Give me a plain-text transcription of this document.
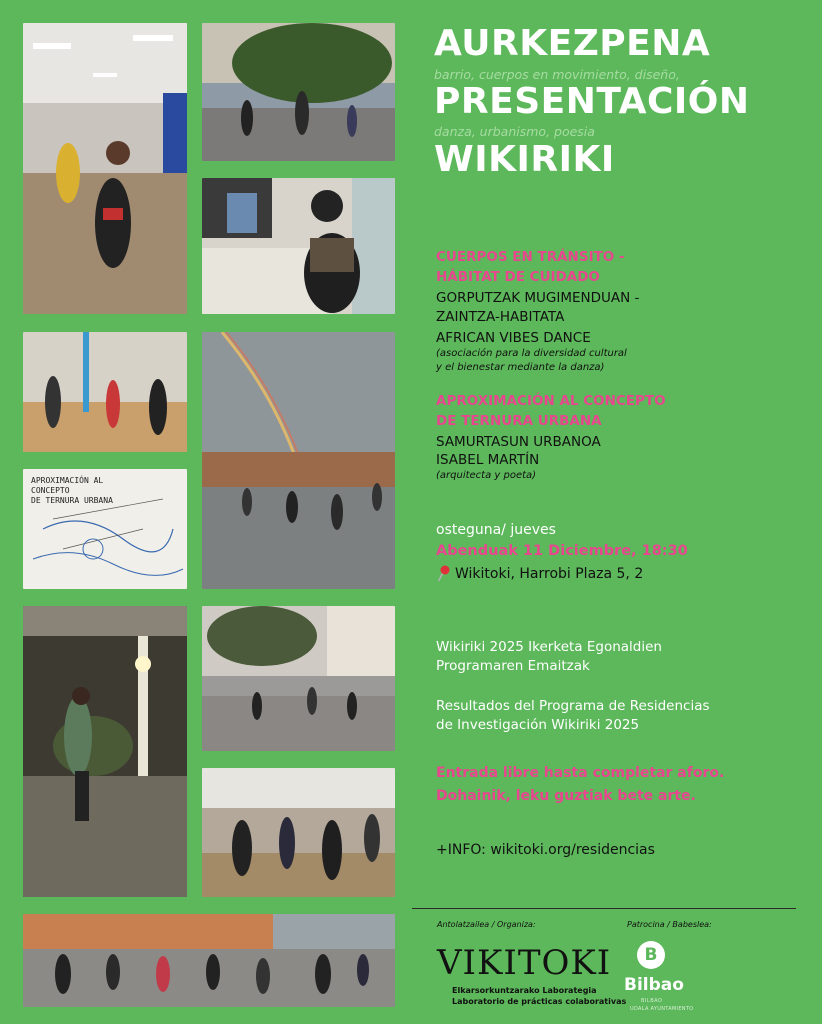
APROXIMACIÓN AL
CONCEPTO
DE TERNURA URBANA
AURKEZPENA
barrio, cuerpos en movimiento, diseño,
PRESENTACIÓN
danza, urbanismo, poesia
WIKIRIKI
CUERPOS EN TRÁNSITO -
HÁBITAT DE CUIDADO
GORPUTZAK MUGIMENDUAN -
ZAINTZA-HABITATA
AFRICAN VIBES DANCE
(asociación para la diversidad cultural
y el bienestar mediante la danza)
APROXIMACIÓN AL CONCEPTO
DE TERNURA URBANA
SAMURTASUN URBANOA
ISABEL MARTÍN
(arquitecta y poeta)
osteguna/ jueves
Abenduak 11 Diciembre, 18:30
Wikitoki, Harrobi Plaza 5, 2
Wikiriki 2025 Ikerketa Egonaldien
Programaren Emaitzak
Resultados del Programa de Residencias
de Investigación Wikiriki 2025
Entrada libre hasta completar aforo.
Dohainik, leku guztiak bete arte.
+INFO: wikitoki.org/residencias
Antolatzailea / Organiza:	Patrocina / Babeslea:
VIKITOKI
Elkarsorkuntzarako Laborategia
Laboratorio de prácticas colaborativas
B
Bilbao
BILBAO
UDALA AYUNTAMIENTO
